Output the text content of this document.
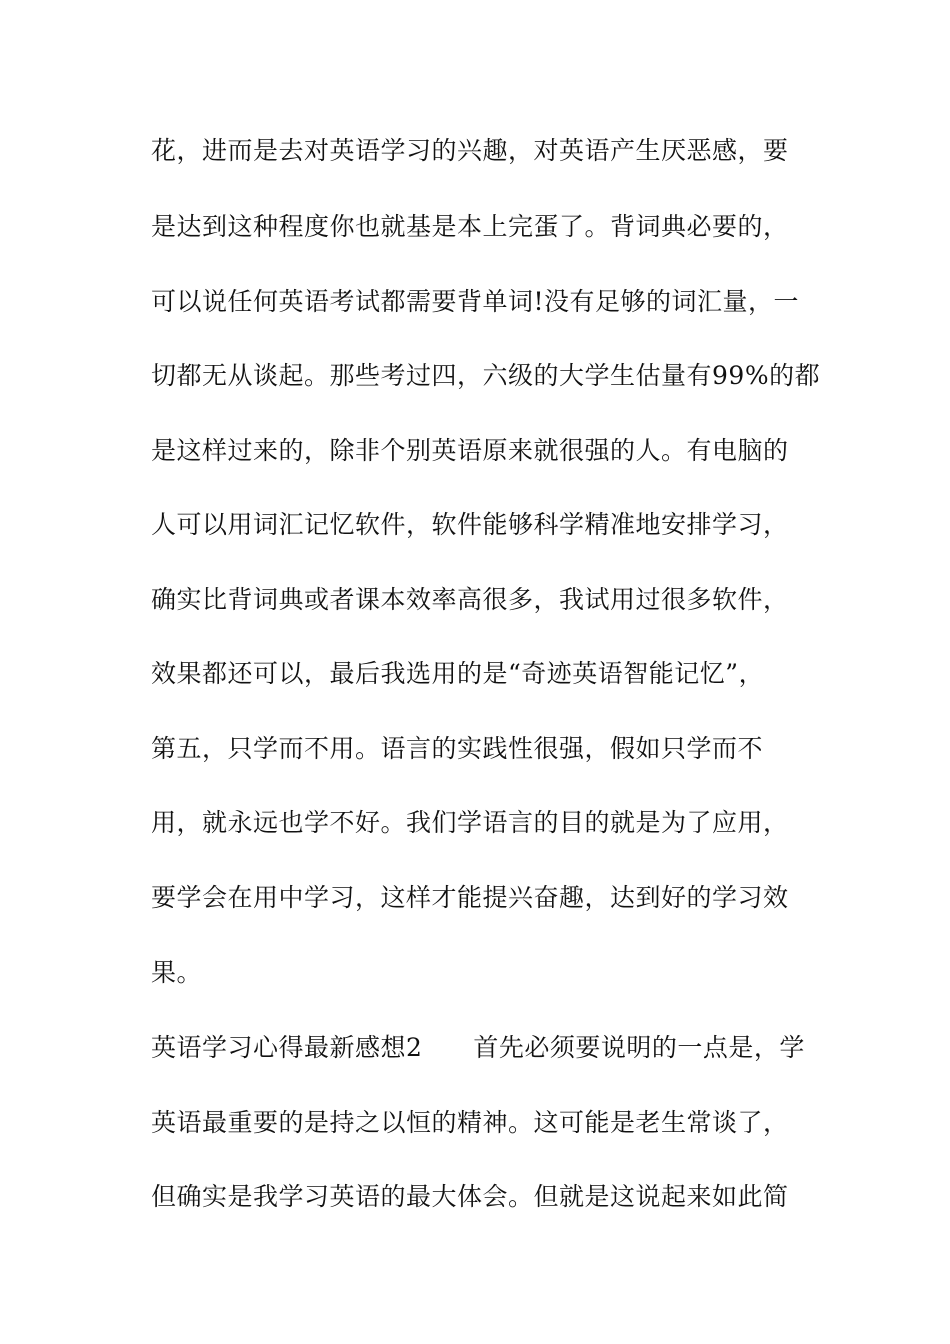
花，进而是去对英语学习的兴趣，对英语产生厌恶感，要
是达到这种程度你也就基是本上完蛋了。背词典必要的，
可以说任何英语考试都需要背单词!没有足够的词汇量，一
切都无从谈起。那些考过四，六级的大学生估量有99%的都
是这样过来的，除非个别英语原来就很强的人。有电脑的
人可以用词汇记忆软件，软件能够科学精准地安排学习，
确实比背词典或者课本效率高很多，我试用过很多软件，
效果都还可以，最后我选用的是“奇迹英语智能记忆”，
第五，只学而不用。语言的实践性很强，假如只学而不
用，就永远也学不好。我们学语言的目的就是为了应用，
要学会在用中学习，这样才能提兴奋趣，达到好的学习效
果。
英语学习心得最新感想2　　首先必须要说明的一点是，学
英语最重要的是持之以恒的精神。这可能是老生常谈了，
但确实是我学习英语的最大体会。但就是这说起来如此简
